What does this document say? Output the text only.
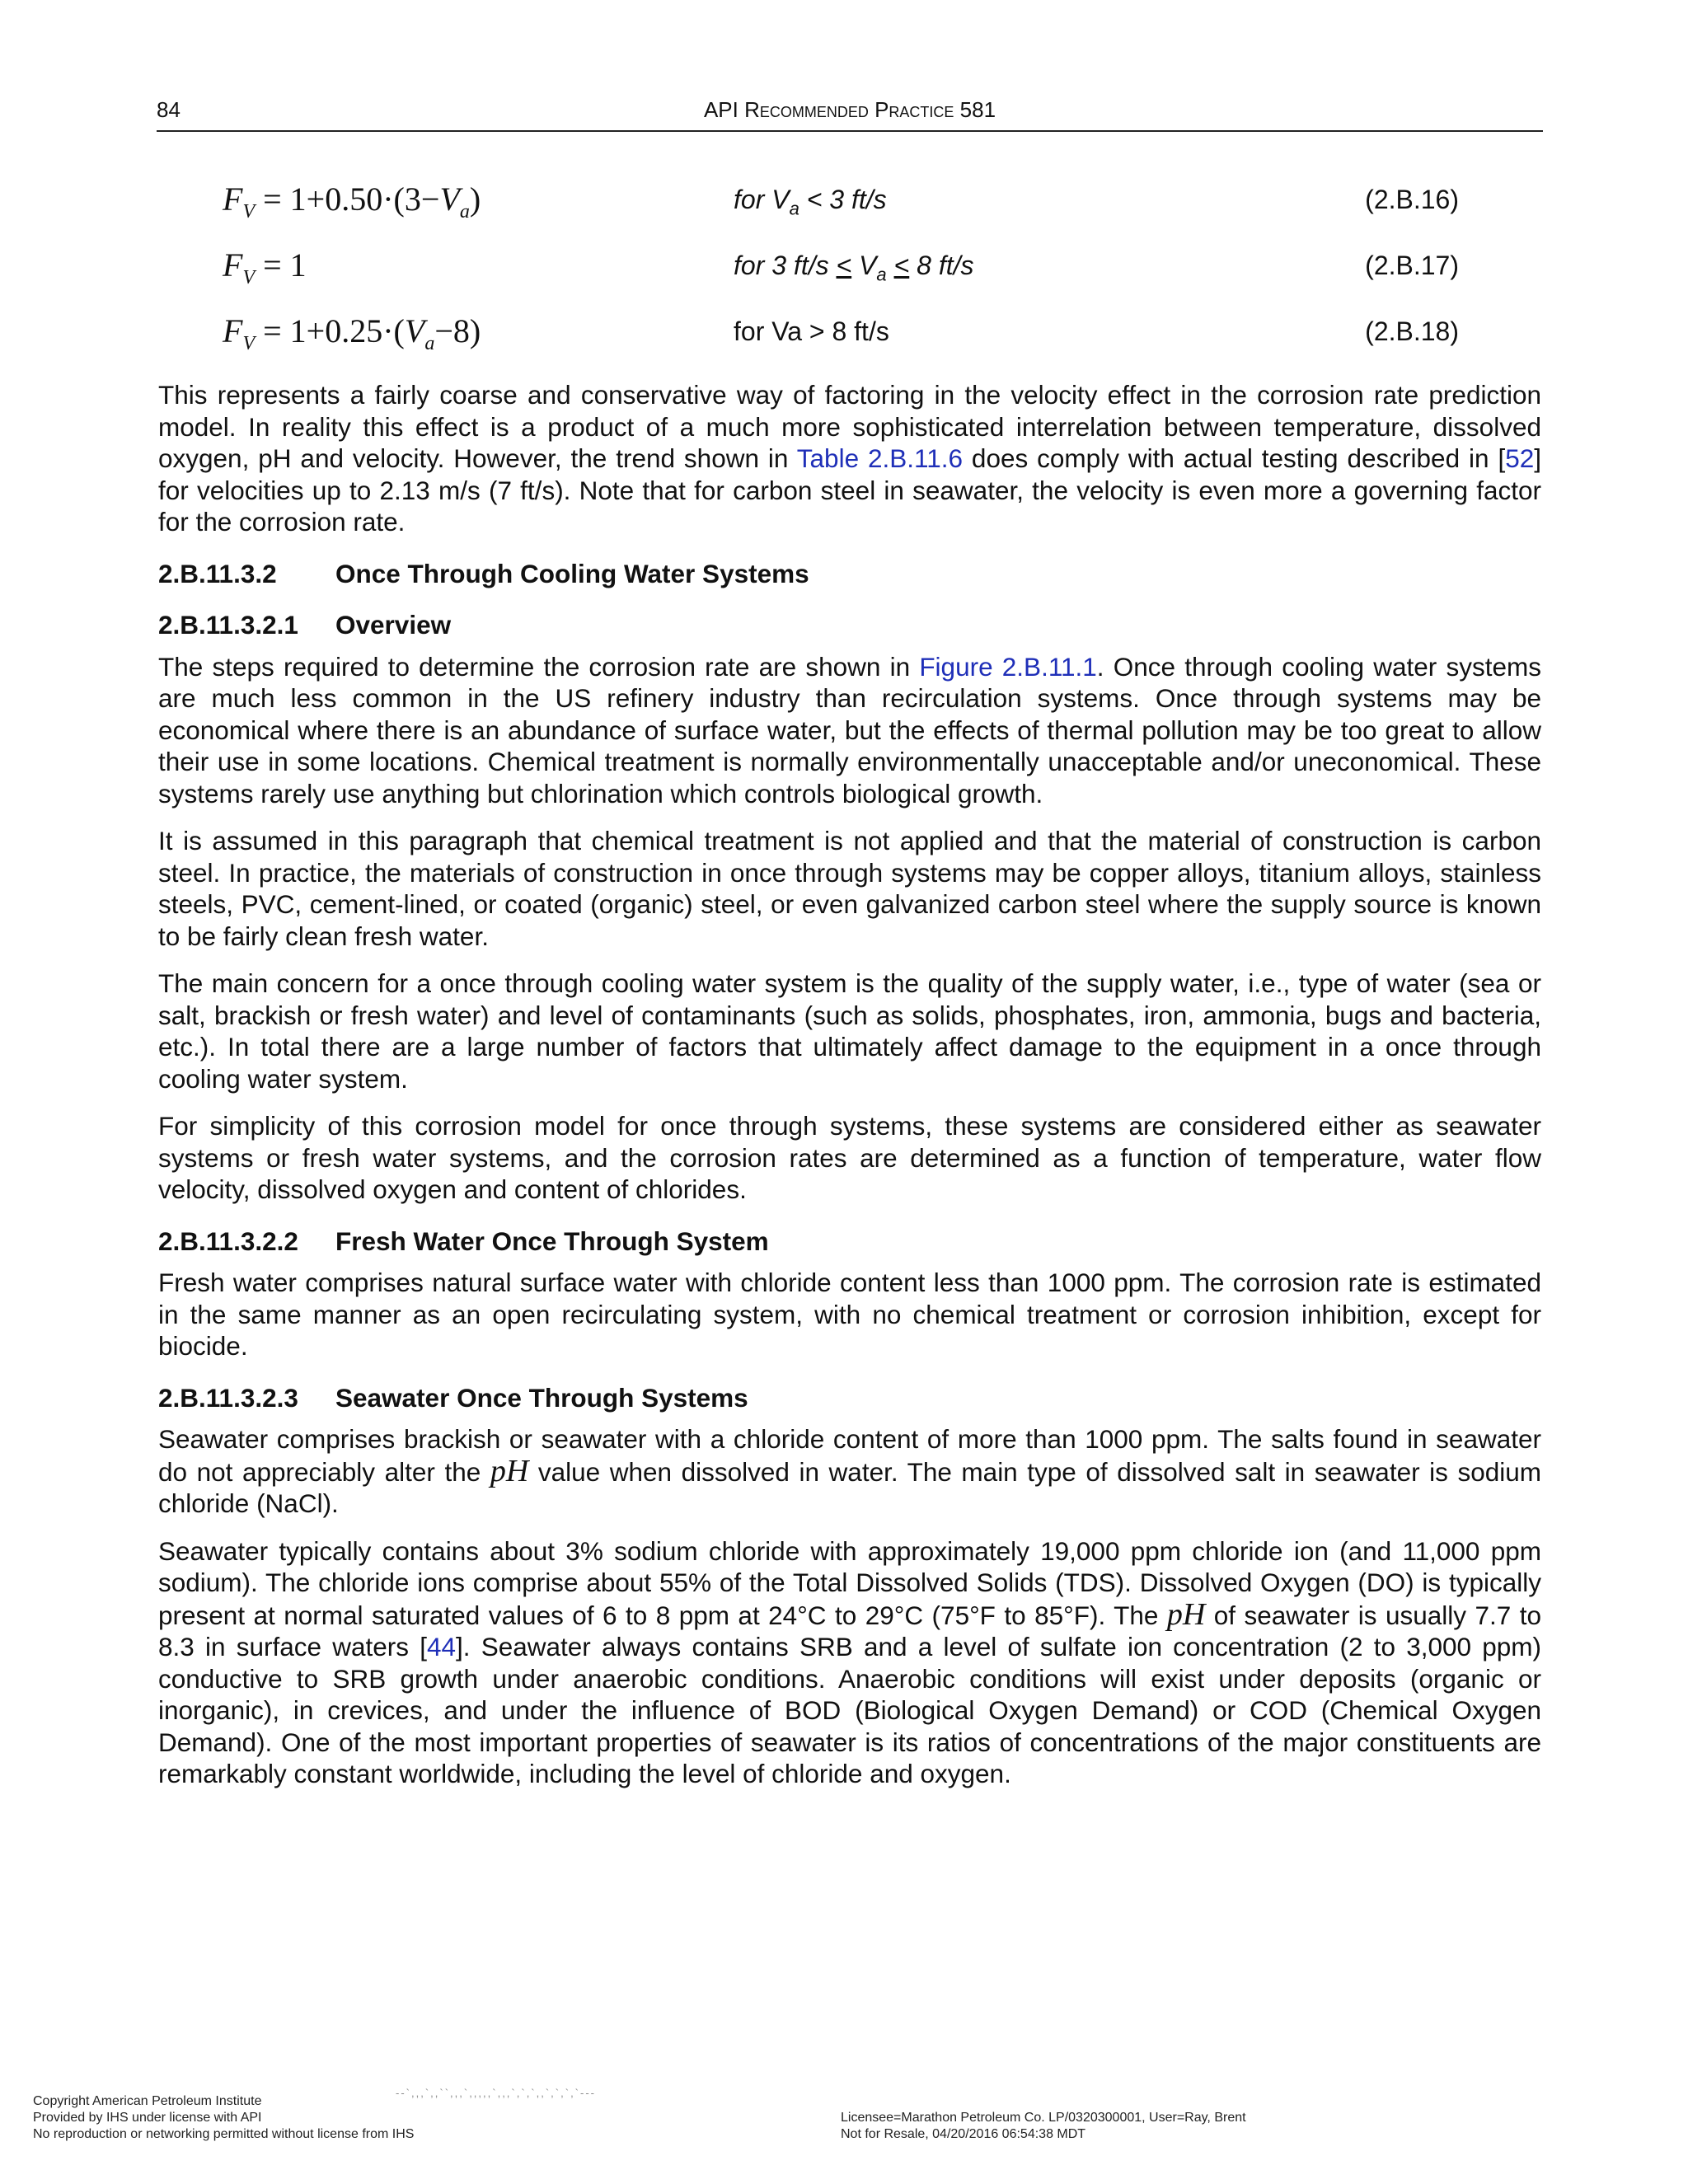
84	API Recommended Practice 581
$F_V = 1+0.50\cdot(3-V_a)$	for $V_a < 3$ ft/s	(2.B.16)
$F_V = 1$	for 3 $ft/s < V_a < 8$ ft/s	(2.B.17)
$F_V = 1+0.25\cdot(V_a-8)$	for Va > 8 ft/s	(2.B.18)

This represents a fairly coarse and conservative way of factoring in the velocity effect in the corrosion rate prediction model. In reality this effect is a product of a much more sophisticated interrelation between temperature, dissolved oxygen, pH and velocity. However, the trend shown in Table 2.B.11.6 does comply with actual testing described in [52] for velocities up to 2.13 m/s (7 ft/s). Note that for carbon steel in seawater, the velocity is even more a governing factor for the corrosion rate.

2.B.11.3.2 Once Through Cooling Water Systems
2.B.11.3.2.1 Overview

The steps required to determine the corrosion rate are shown in Figure 2.B.11.1. Once through cooling water systems are much less common in the US refinery industry than recirculation systems. Once through systems may be economical where there is an abundance of surface water, but the effects of thermal pollution may be too great to allow their use in some locations. Chemical treatment is normally environmentally unacceptable and/or uneconomical. These systems rarely use anything but chlorination which controls biological growth.

It is assumed in this paragraph that chemical treatment is not applied and that the material of construction is carbon steel. In practice, the materials of construction in once through systems may be copper alloys, titanium alloys, stainless steels, PVC, cement-lined, or coated (organic) steel, or even galvanized carbon steel where the supply source is known to be fairly clean fresh water.

The main concern for a once through cooling water system is the quality of the supply water, i.e., type of water (sea or salt, brackish or fresh water) and level of contaminants (such as solids, phosphates, iron, ammonia, bugs and bacteria, etc.). In total there are a large number of factors that ultimately affect damage to the equipment in a once through cooling water system.

For simplicity of this corrosion model for once through systems, these systems are considered either as seawater systems or fresh water systems, and the corrosion rates are determined as a function of temperature, water flow velocity, dissolved oxygen and content of chlorides.

2.B.11.3.2.2 Fresh Water Once Through System

Fresh water comprises natural surface water with chloride content less than 1000 ppm. The corrosion rate is estimated in the same manner as an open recirculating system, with no chemical treatment or corrosion inhibition, except for biocide.

2.B.11.3.2.3 Seawater Once Through Systems

Seawater comprises brackish or seawater with a chloride content of more than 1000 ppm. The salts found in seawater do not appreciably alter the pH value when dissolved in water. The main type of dissolved salt in seawater is sodium chloride (NaCl).

Seawater typically contains about 3% sodium chloride with approximately 19,000 ppm chloride ion (and 11,000 ppm sodium). The chloride ions comprise about 55% of the Total Dissolved Solids (TDS). Dissolved Oxygen (DO) is typically present at normal saturated values of 6 to 8 ppm at 24°C to 29°C (75°F to 85°F). The pH of seawater is usually 7.7 to 8.3 in surface waters [44]. Seawater always contains SRB and a level of sulfate ion concentration (2 to 3,000 ppm) conductive to SRB growth under anaerobic conditions. Anaerobic conditions will exist under deposits (organic or inorganic), in crevices, and under the influence of BOD (Biological Oxygen Demand) or COD (Chemical Oxygen Demand). One of the most important properties of seawater is its ratios of concentrations of the major constituents are remarkably constant worldwide, including the level of chloride and oxygen.

--`,,,`,,``,,,`,,,,,`,,,`,`,`,,`,`,`,`---
Copyright American Petroleum Institute
Provided by IHS under license with API
No reproduction or networking permitted without license from IHS
Licensee=Marathon Petroleum Co. LP/0320300001, User=Ray, Brent
Not for Resale, 04/20/2016 06:54:38 MDT
